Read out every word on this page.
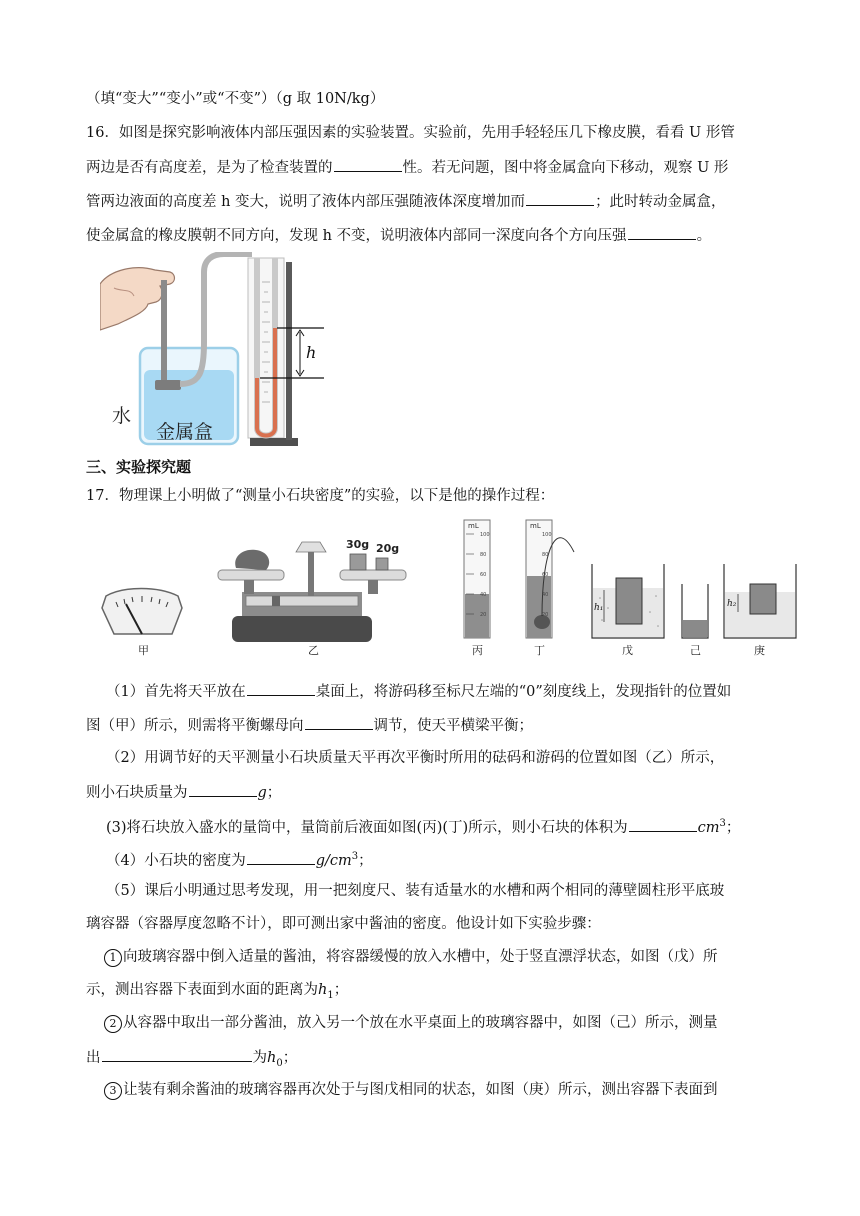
（填“变大”“变小”或“不变”）（g 取 10N/kg）
16．如图是探究影响液体内部压强因素的实验装置。实验前，先用手轻轻压几下橡皮膜，看看 U 形管
两边是否有高度差，是为了检查装置的	性。若无问题，图中将金属盒向下移动，观察 U 形
管两边液面的高度差 h 变大，说明了液体内部压强随液体深度增加而	；此时转动金属盒，
使金属盒的橡皮膜朝不同方向，发现 h 不变，说明液体内部同一深度向各个方向压强	。
h
水
金属盒
三、实验探究题
17．物理课上小明做了“测量小石块密度”的实验，以下是他的操作过程：
甲
30g 20g
乙
100
80
60
40
20
mL
丙
100
80
60
40
20
mL
丁
h₁
戊	己
h₂
庚
（1）首先将天平放在	桌面上，将游码移至标尺左端的“0”刻度线上，发现指针的位置如
图（甲）所示，则需将平衡螺母向	调节，使天平横梁平衡；
（2）用调节好的天平测量小石块质量天平再次平衡时所用的砝码和游码的位置如图（乙）所示，
则小石块质量为	g；
(3)将石块放入盛水的量筒中，量筒前后液面如图(丙)(丁)所示，则小石块的体积为	$cm^3$；
（4）小石块的密度为	$g/cm^3$；
（5）课后小明通过思考发现，用一把刻度尺、装有适量水的水槽和两个相同的薄壁圆柱形平底玻
璃容器（容器厚度忽略不计），即可测出家中酱油的密度。他设计如下实验步骤：
1 向玻璃容器中倒入适量的酱油，将容器缓慢的放入水槽中，处于竖直漂浮状态，如图（戊）所
示，测出容器下表面到水面的距离为$h_1$；
2 从容器中取出一部分酱油，放入另一个放在水平桌面上的玻璃容器中，如图（己）所示，测量
出	为$h_0$；
3 让装有剩余酱油的玻璃容器再次处于与图戊相同的状态，如图（庚）所示，测出容器下表面到
